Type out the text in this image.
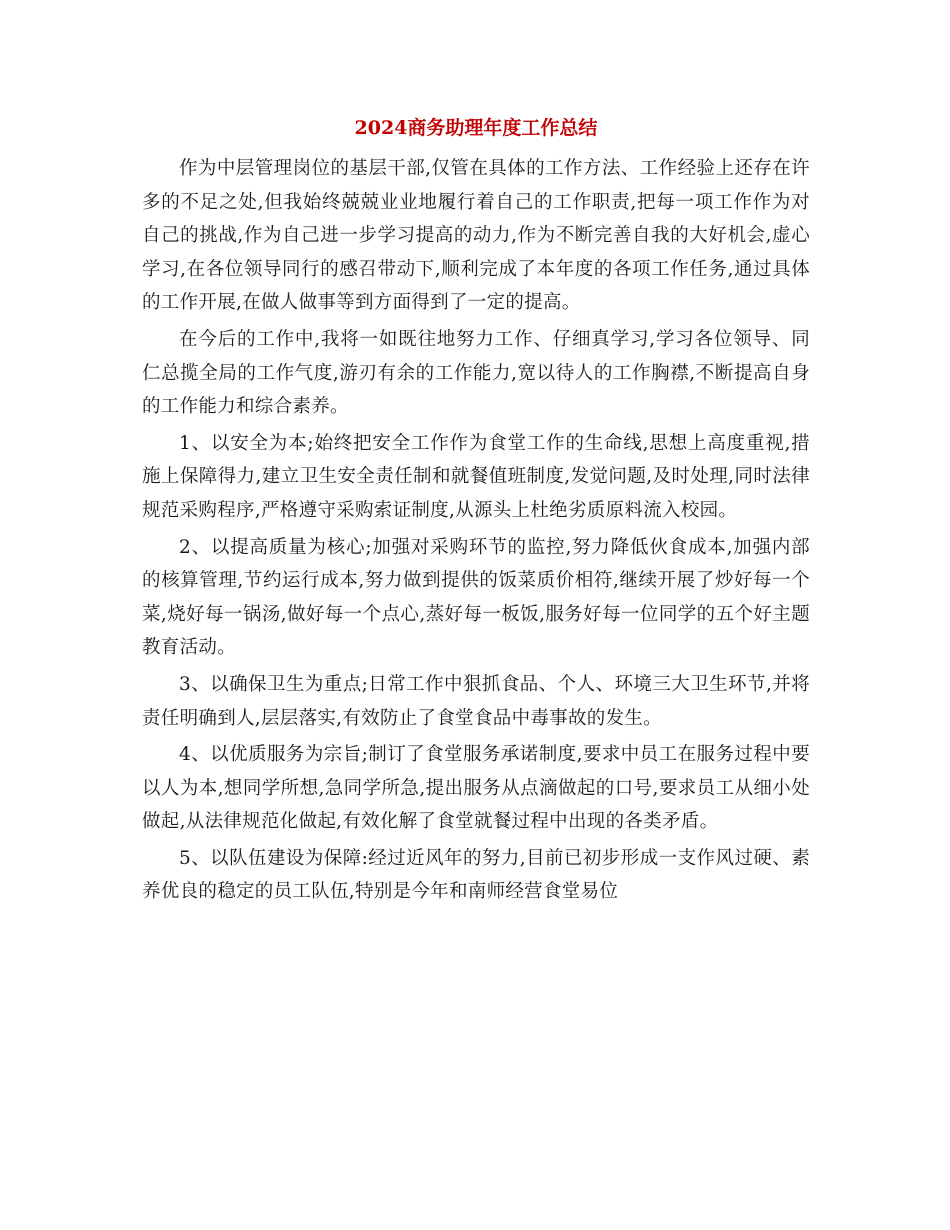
2024商务助理年度工作总结

作为中层管理岗位的基层干部,仅管在具体的工作方法、工作经验上还存在许多的不足之处,但我始终兢兢业业地履行着自己的工作职责,把每一项工作作为对自己的挑战,作为自己进一步学习提高的动力,作为不断完善自我的大好机会,虚心学习,在各位领导同行的感召带动下,顺利完成了本年度的各项工作任务,通过具体的工作开展,在做人做事等到方面得到了一定的提高。

在今后的工作中,我将一如既往地努力工作、仔细真学习,学习各位领导、同仁总揽全局的工作气度,游刃有余的工作能力,宽以待人的工作胸襟,不断提高自身的工作能力和综合素养。

1、以安全为本;始终把安全工作作为食堂工作的生命线,思想上高度重视,措施上保障得力,建立卫生安全责任制和就餐值班制度,发觉问题,及时处理,同时法律规范采购程序,严格遵守采购索证制度,从源头上杜绝劣质原料流入校园。

2、以提高质量为核心;加强对采购环节的监控,努力降低伙食成本,加强内部的核算管理,节约运行成本,努力做到提供的饭菜质价相符,继续开展了炒好每一个菜,烧好每一锅汤,做好每一个点心,蒸好每一板饭,服务好每一位同学的五个好主题教育活动。

3、以确保卫生为重点;日常工作中狠抓食品、个人、环境三大卫生环节,并将责任明确到人,层层落实,有效防止了食堂食品中毒事故的发生。

4、以优质服务为宗旨;制订了食堂服务承诺制度,要求中员工在服务过程中要以人为本,想同学所想,急同学所急,提出服务从点滴做起的口号,要求员工从细小处做起,从法律规范化做起,有效化解了食堂就餐过程中出现的各类矛盾。

5、以队伍建设为保障:经过近风年的努力,目前已初步形成一支作风过硬、素养优良的稳定的员工队伍,特别是今年和南师经营食堂易位
